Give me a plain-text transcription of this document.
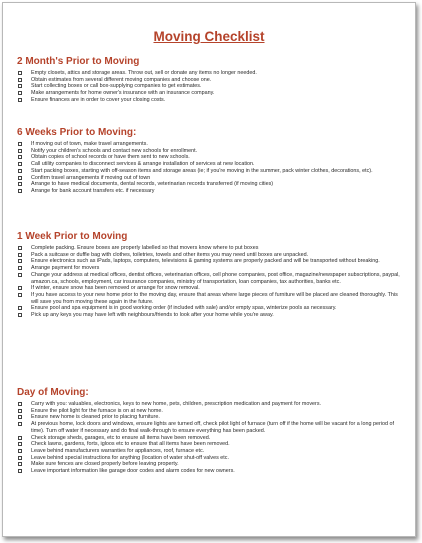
Moving Checklist
2 Month's Prior to Moving
Empty closets, attics and storage areas. Throw out, sell or donate any items no longer needed.
Obtain estimates from several different moving companies and choose one.
Start collecting boxes or call box-supplying companies to get estimates.
Make arrangements for home owner's insurance with an insurance company.
Ensure finances are in order to cover your closing costs.
6 Weeks Prior to Moving:
If moving out of town, make travel arrangements.
Notify your children's schools and contact new schools for enrollment.
Obtain copies of school records or have them sent to new schools.
Call utility companies to disconnect services & arrange installation of services at new location.
Start packing boxes, starting with off-season items and storage areas (ie; if you're moving in the summer, pack winter clothes, decorations, etc).
Confirm travel arrangements if moving out of town
Arrange to have medical documents, dental records, veterinarian records transferred (if moving cities)
Arrange for bank account transfers etc. if necessary
1 Week Prior to Moving
Complete packing. Ensure boxes are properly labelled so that movers know where to put boxes
Pack a suitcase or duffle bag with clothes, toiletries, towels and other items you may need until boxes are unpacked.
Ensure electronics such as iPads, laptops, computers, televisions & gaming systems are properly packed and will be transported without breaking.
Arrange payment for movers
Change your address at medical offices, dentist offices, veterinarian offices, cell phone companies, post office, magazine/newspaper subscriptions, paypal, amazon.ca, schools, employment, car insurance companies, ministry of transportation, loan companies, tax authorities, banks etc.
If winter, ensure snow has been removed or arrange for snow removal.
If you have access to your new home prior to the moving day, ensure that areas where large pieces of furniture will be placed are cleaned thoroughly. This will save you from moving these again in the future.
Ensure pool and spa equipment is in good working order (if included with sale) and/or empty spas, winterize pools as necessary.
Pick up any keys you may have left with neighbours/friends to look after your home while you're away.
Day of Moving:
Carry with you: valuables, electronics, keys to new home, pets, children, prescription medication and payment for movers.
Ensure the pilot light for the furnace is on at new home.
Ensure new home is cleaned prior to placing furniture.
At previous home, lock doors and windows, ensure lights are turned off, check pilot light of furnace (turn off if the home will be vacant for a long period of time). Turn off water if necessary and do final walk-through to ensure everything has been packed.
Check storage sheds, garages, etc to ensure all items have been removed.
Check lawns, gardens, forts, igloos etc to ensure that all items have been removed.
Leave behind manufacturers warranties for appliances, roof, furnace etc.
Leave behind special instructions for anything (location of water shut-off valves etc.
Make sure fences are closed properly before leaving property.
Leave important information like garage door codes and alarm codes for new owners.
